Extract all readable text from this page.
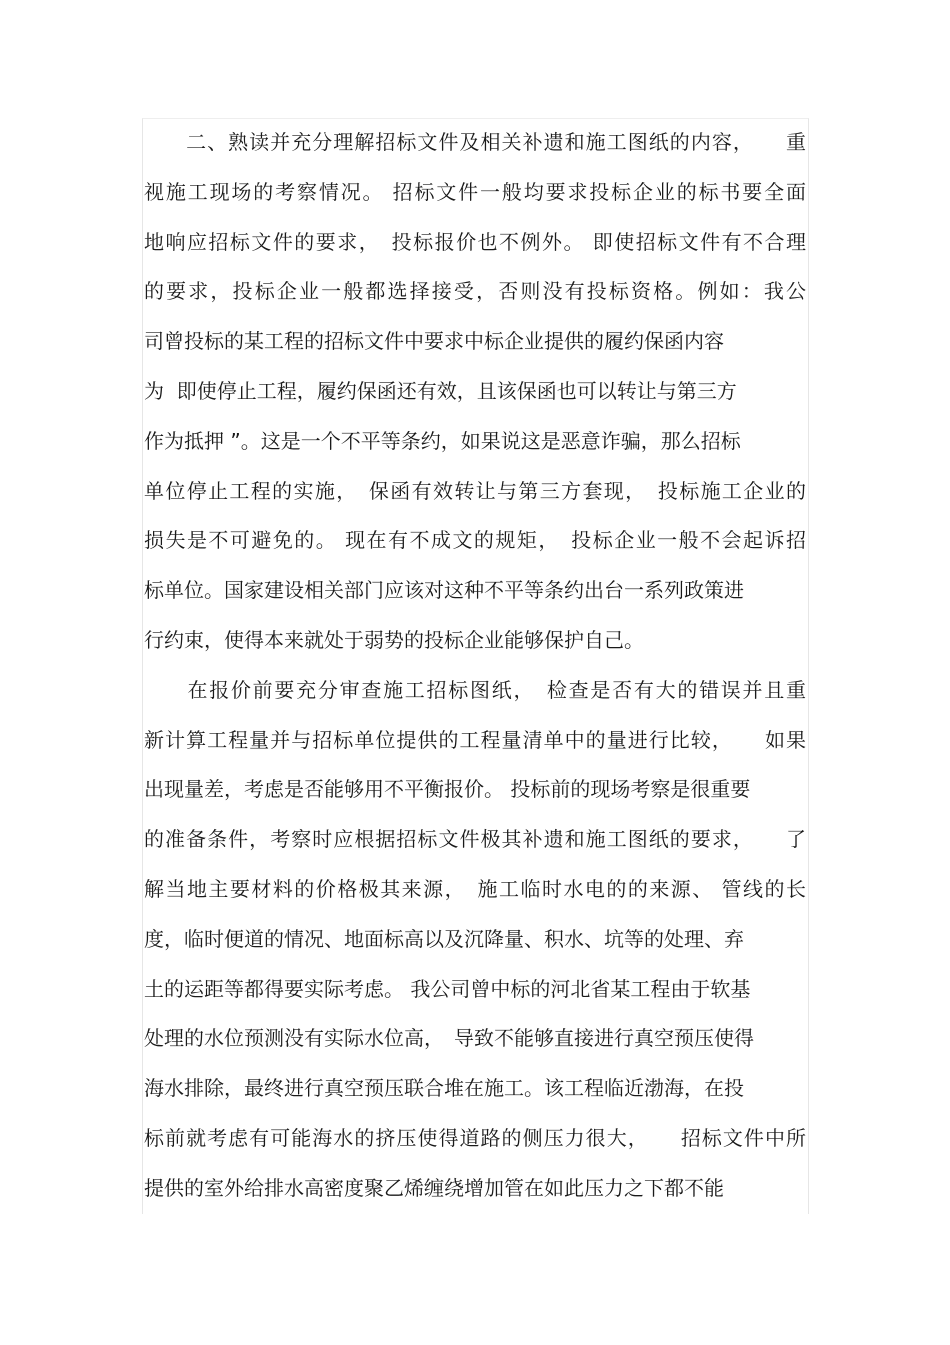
　　二、熟读并充分理解招标文件及相关补遗和施工图纸的内容，　　重
视施工现场的考察情况。 招标文件一般均要求投标企业的标书要全面
地响应招标文件的要求，　投标报价也不例外。 即使招标文件有不合理
的要求，投标企业一般都选择接受，否则没有投标资格。例如：我公
司曾投标的某工程的招标文件中要求中标企业提供的履约保函内容
为  即使停止工程，履约保函还有效，且该保函也可以转让与第三方
作为抵押 ”。这是一个不平等条约，如果说这是恶意诈骗，那么招标
单位停止工程的实施，　保函有效转让与第三方套现，　投标施工企业的
损失是不可避免的。 现在有不成文的规矩，　投标企业一般不会起诉招
标单位。国家建设相关部门应该对这种不平等条约出台一系列政策进
行约束，使得本来就处于弱势的投标企业能够保护自己。
　　在报价前要充分审查施工招标图纸，　检查是否有大的错误并且重
新计算工程量并与招标单位提供的工程量清单中的量进行比较，　　如果
出现量差，考虑是否能够用不平衡报价。 投标前的现场考察是很重要
的准备条件，考察时应根据招标文件极其补遗和施工图纸的要求，　　了
解当地主要材料的价格极其来源，　施工临时水电的的来源、 管线的长
度，临时便道的情况、地面标高以及沉降量、积水、坑等的处理、弃
土的运距等都得要实际考虑。 我公司曾中标的河北省某工程由于软基
处理的水位预测没有实际水位高，　导致不能够直接进行真空预压使得
海水排除，最终进行真空预压联合堆在施工。该工程临近渤海，在投
标前就考虑有可能海水的挤压使得道路的侧压力很大，　　招标文件中所
提供的室外给排水高密度聚乙烯缠绕增加管在如此压力之下都不能
